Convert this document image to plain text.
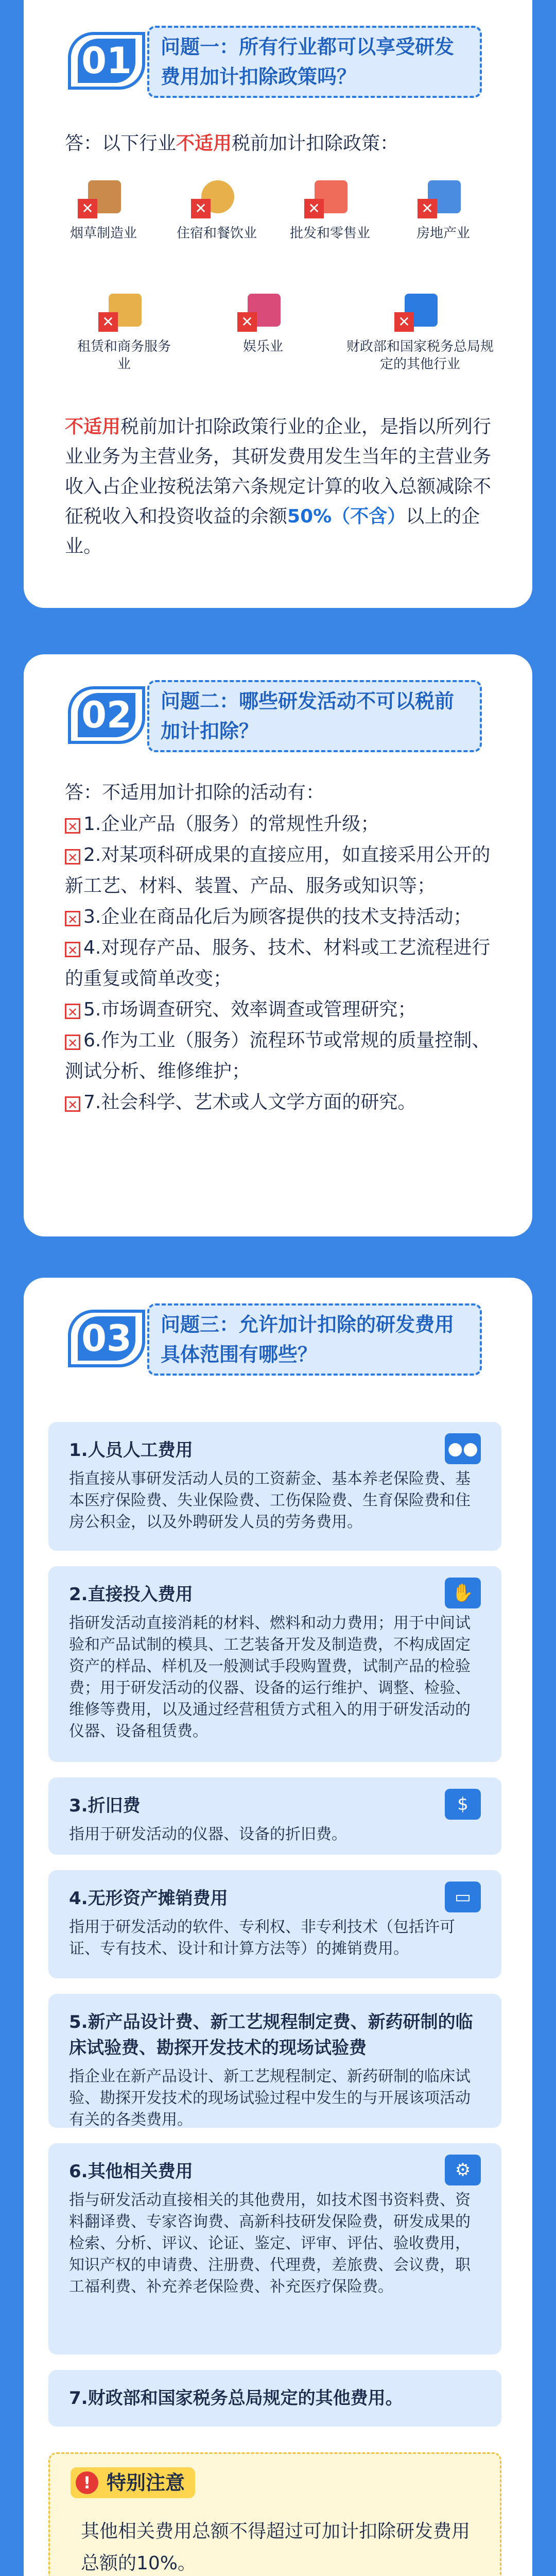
01	问题一：所有行业都可以享受研发费用加计扣除政策吗？
答：以下行业不适用税前加计扣除政策：
✕
烟草制造业
✕
住宿和餐饮业
✕
批发和零售业
✕
房地产业
✕
租赁和商务服务业
✕
娱乐业
✕
财政部和国家税务总局规定的其他行业
不适用税前加计扣除政策行业的企业，是指以所列行业业务为主营业务，其研发费用发生当年的主营业务收入占企业按税法第六条规定计算的收入总额减除不征税收入和投资收益的余额50%（不含）以上的企业。
02	问题二：哪些研发活动不可以税前加计扣除？
答：不适用加计扣除的活动有：
✕ 1.企业产品（服务）的常规性升级；
✕ 2.对某项科研成果的直接应用，如直接采用公开的新工艺、材料、装置、产品、服务或知识等；
✕ 3.企业在商品化后为顾客提供的技术支持活动；
✕ 4.对现存产品、服务、技术、材料或工艺流程进行的重复或简单改变；
✕ 5.市场调查研究、效率调查或管理研究；
✕ 6.作为工业（服务）流程环节或常规的质量控制、测试分析、维修维护；
✕ 7.社会科学、艺术或人文学方面的研究。
03	问题三：允许加计扣除的研发费用具体范围有哪些？
●●
1.人员人工费用
指直接从事研发活动人员的工资薪金、基本养老保险费、基本医疗保险费、失业保险费、工伤保险费、生育保险费和住房公积金，以及外聘研发人员的劳务费用。
✋
2.直接投入费用
指研发活动直接消耗的材料、燃料和动力费用；用于中间试验和产品试制的模具、工艺装备开发及制造费，不构成固定资产的样品、样机及一般测试手段购置费，试制产品的检验费；用于研发活动的仪器、设备的运行维护、调整、检验、维修等费用，以及通过经营租赁方式租入的用于研发活动的仪器、设备租赁费。
$
3.折旧费
指用于研发活动的仪器、设备的折旧费。
▭
4.无形资产摊销费用
指用于研发活动的软件、专利权、非专利技术（包括许可证、专有技术、设计和计算方法等）的摊销费用。
5.新产品设计费、新工艺规程制定费、新药研制的临床试验费、勘探开发技术的现场试验费
指企业在新产品设计、新工艺规程制定、新药研制的临床试验、勘探开发技术的现场试验过程中发生的与开展该项活动有关的各类费用。
⚙
6.其他相关费用
指与研发活动直接相关的其他费用，如技术图书资料费、资料翻译费、专家咨询费、高新科技研发保险费，研发成果的检索、分析、评议、论证、鉴定、评审、评估、验收费用，知识产权的申请费、注册费、代理费，差旅费、会议费，职工福利费、补充养老保险费、补充医疗保险费。
7.财政部和国家税务总局规定的其他费用。
! 特别注意
其他相关费用总额不得超过可加计扣除研发费用总额的10%。
